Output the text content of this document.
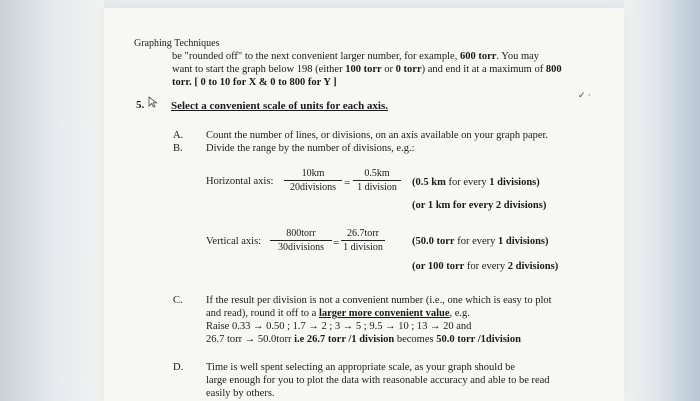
Graphing Techniques
be "rounded off" to the next convenient larger number, for example, 600 torr. You may
want to start the graph below 198 (either 100 torr or 0 torr) and end it at a maximum of 800
torr. [ 0 to 10 for X & 0 to 800 for Y ]
✓ ·
5. Select a convenient scale of units for each axis.
A. Count the number of lines, or divisions, on an axis available on your graph paper.
B. Divide the range by the number of divisions, e.g.:
Horizontal axis:
10km
20divisions =
0.5km
1 division	(0.5 km for every 1 divisions)
(or 1 km for every 2 divisions)
Vertical axis:
800torr
30divisions =
26.7torr
1 division
(50.0 torr for every 1 divisions)
(or 100 torr for every 2 divisions)
C. If the result per division is not a convenient number (i.e., one which is easy to plot
and read), round it off to a larger more convenient value, e.g.
Raise 0.33 → 0.50 ; 1.7 → 2 ; 3 → 5 ; 9.5 → 10 ; 13 → 20 and
26.7 torr → 50.0torr i.e 26.7 torr /1 division becomes 50.0 torr /1division
D. Time is well spent selecting an appropriate scale, as your graph should be
large enough for you to plot the data with reasonable accuracy and able to be read
easily by others.
